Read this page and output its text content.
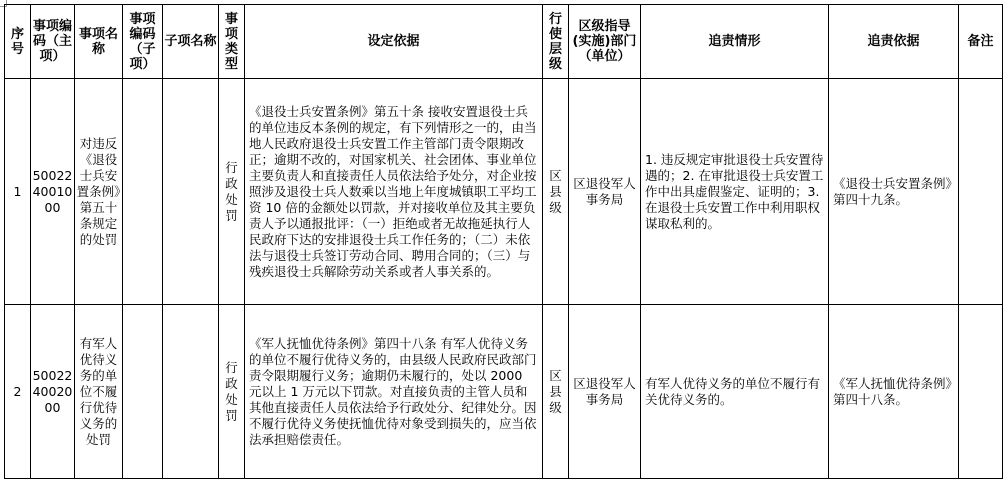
序号	事项编码（主项）	事项名称	事项编码（子项）	子项名称	事项类型	设定依据	行使层级	区级指导(实施)部门（单位）	追责情形	追责依据	备注
1	500224001000	对违反《退役士兵安置条例》第五十条规定的处罚			行政处罚	《退役士兵安置条例》第五十条 接收安置退役士兵的单位违反本条例的规定，有下列情形之一的，由当地人民政府退役士兵安置工作主管部门责令限期改正；逾期不改的，对国家机关、社会团体、事业单位主要负责人和直接责任人员依法给予处分，对企业按照涉及退役士兵人数乘以当地上年度城镇职工平均工资 10 倍的金额处以罚款，并对接收单位及其主要负责人予以通报批评：（一）拒绝或者无故拖延执行人民政府下达的安排退役士兵工作任务的；（二）未依法与退役士兵签订劳动合同、聘用合同的；（三）与残疾退役士兵解除劳动关系或者人事关系的。	区县级	区退役军人事务局	1. 违反规定审批退役士兵安置待遇的；2. 在审批退役士兵安置工作中出具虚假鉴定、证明的；3. 在退役士兵安置工作中利用职权谋取私利的。	《退役士兵安置条例》第四十九条。	
2	500224002000	有军人优待义务的单位不履行优待义务的处罚			行政处罚	《军人抚恤优待条例》第四十八条 有军人优待义务的单位不履行优待义务的，由县级人民政府民政部门责令限期履行义务；逾期仍未履行的，处以 2000 元以上 1 万元以下罚款。对直接负责的主管人员和其他直接责任人员依法给予行政处分、纪律处分。因不履行优待义务使抚恤优待对象受到损失的，应当依法承担赔偿责任。	区县级	区退役军人事务局	有军人优待义务的单位不履行有关优待义务的。	《军人抚恤优待条例》第四十八条。	
